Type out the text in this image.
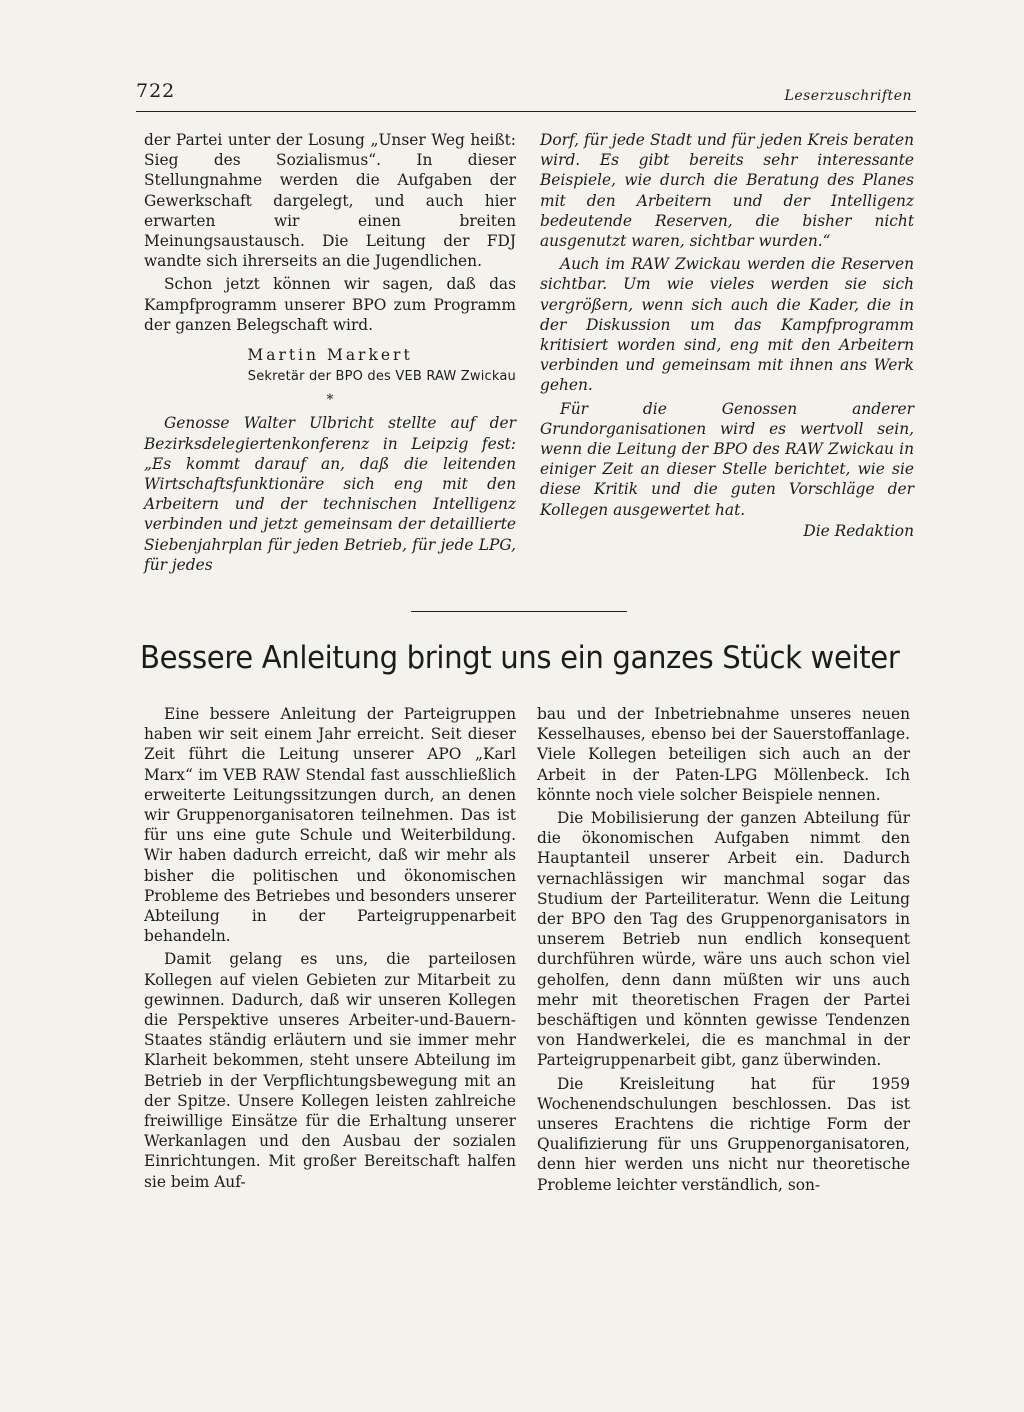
722	Leserzuschriften

der Partei unter der Losung „Unser Weg heißt: Sieg des Sozialismus“. In dieser Stellungnahme werden die Aufgaben der Gewerkschaft dargelegt, und auch hier erwarten wir einen breiten Meinungsaustausch. Die Leitung der FDJ wandte sich ihrerseits an die Jugendlichen.

Schon jetzt können wir sagen, daß das Kampfprogramm unserer BPO zum Programm der ganzen Belegschaft wird.

Martin Markert
Sekretär der BPO des VEB RAW Zwickau
*

Genosse Walter Ulbricht stellte auf der Bezirksdelegiertenkonferenz in Leipzig fest: „Es kommt darauf an, daß die leitenden Wirtschaftsfunktionäre sich eng mit den Arbeitern und der technischen Intelligenz verbinden und jetzt gemeinsam der detaillierte Siebenjahrplan für jeden Betrieb, für jede LPG, für jedes

Dorf, für jede Stadt und für jeden Kreis beraten wird. Es gibt bereits sehr interessante Beispiele, wie durch die Beratung des Planes mit den Arbeitern und der Intelligenz bedeutende Reserven, die bisher nicht ausgenutzt waren, sichtbar wurden.“

Auch im RAW Zwickau werden die Reserven sichtbar. Um wie vieles werden sie sich vergrößern, wenn sich auch die Kader, die in der Diskussion um das Kampfprogramm kritisiert worden sind, eng mit den Arbeitern verbinden und gemeinsam mit ihnen ans Werk gehen.

Für die Genossen anderer Grundorganisationen wird es wertvoll sein, wenn die Leitung der BPO des RAW Zwickau in einiger Zeit an dieser Stelle berichtet, wie sie diese Kritik und die guten Vorschläge der Kollegen ausgewertet hat.

Die Redaktion
Bessere Anleitung bringt uns ein ganzes Stück weiter

Eine bessere Anleitung der Parteigruppen haben wir seit einem Jahr erreicht. Seit dieser Zeit führt die Leitung unserer APO „Karl Marx“ im VEB RAW Stendal fast ausschließlich erweiterte Leitungssitzungen durch, an denen wir Gruppenorganisatoren teilnehmen. Das ist für uns eine gute Schule und Weiterbildung. Wir haben dadurch erreicht, daß wir mehr als bisher die politischen und ökonomischen Probleme des Betriebes und besonders unserer Abteilung in der Parteigruppenarbeit behandeln.

Damit gelang es uns, die parteilosen Kollegen auf vielen Gebieten zur Mitarbeit zu gewinnen. Dadurch, daß wir unseren Kollegen die Perspektive unseres Arbeiter-und-Bauern-Staates ständig erläutern und sie immer mehr Klarheit bekommen, steht unsere Abteilung im Betrieb in der Verpflichtungsbewegung mit an der Spitze. Unsere Kollegen leisten zahlreiche freiwillige Einsätze für die Erhaltung unserer Werkanlagen und den Ausbau der sozialen Einrichtungen. Mit großer Bereitschaft halfen sie beim Auf-

bau und der Inbetriebnahme unseres neuen Kesselhauses, ebenso bei der Sauerstoffanlage. Viele Kollegen beteiligen sich auch an der Arbeit in der Paten-LPG Möllenbeck. Ich könnte noch viele solcher Beispiele nennen.

Die Mobilisierung der ganzen Abteilung für die ökonomischen Aufgaben nimmt den Hauptanteil unserer Arbeit ein. Dadurch vernachlässigen wir manchmal sogar das Studium der Parteiliteratur. Wenn die Leitung der BPO den Tag des Gruppenorganisators in unserem Betrieb nun endlich konsequent durchführen würde, wäre uns auch schon viel geholfen, denn dann müßten wir uns auch mehr mit theoretischen Fragen der Partei beschäftigen und könnten gewisse Tendenzen von Handwerkelei, die es manchmal in der Parteigruppenarbeit gibt, ganz überwinden.

Die Kreisleitung hat für 1959 Wochenendschulungen beschlossen. Das ist unseres Erachtens die richtige Form der Qualifizierung für uns Gruppenorganisatoren, denn hier werden uns nicht nur theoretische Probleme leichter verständlich, son-
